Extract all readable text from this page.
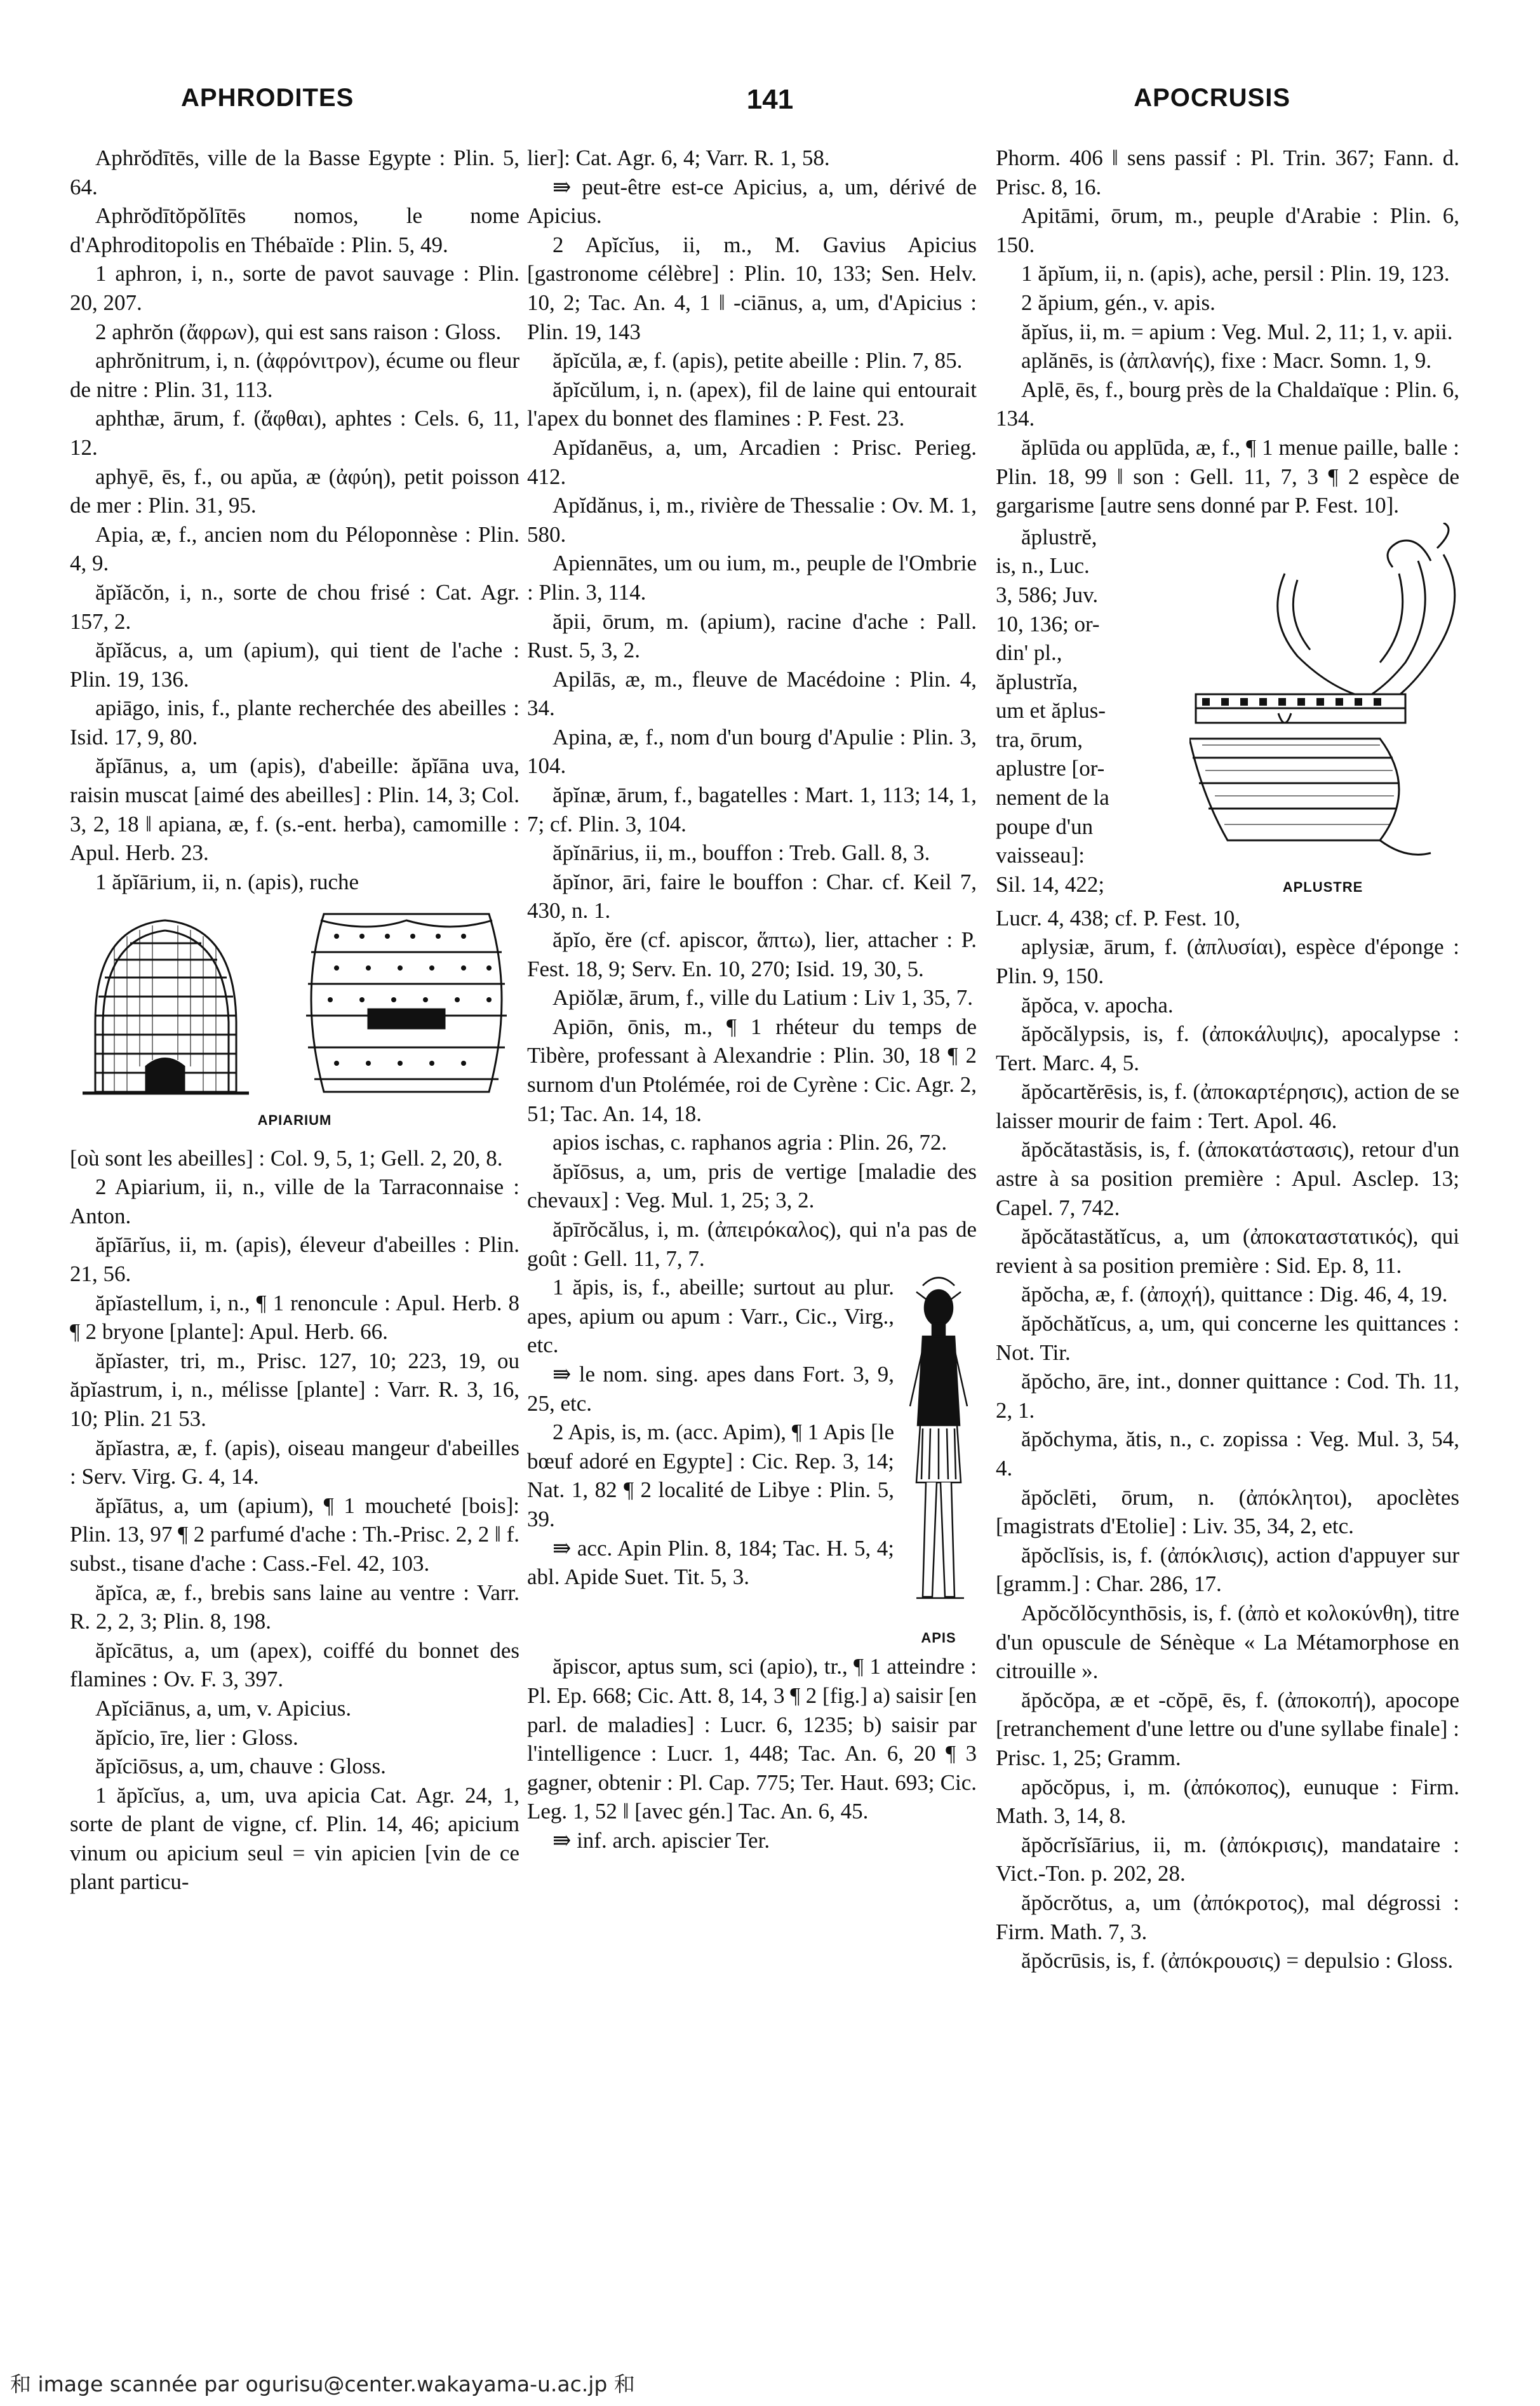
APHRODITES	141	APOCRUSIS

Aphrŏdītēs, ville de la Basse Egypte : Plin. 5, 64.

Aphrŏdītŏpŏlītēs nomos, le nome d'Aphroditopolis en Thébaïde : Plin. 5, 49.

1 aphron, i, n., sorte de pavot sauvage : Plin. 20, 207.

2 aphrŏn (ἄφρων), qui est sans raison : Gloss.

aphrŏnitrum, i, n. (ἀφρόνιτρον), écume ou fleur de nitre : Plin. 31, 113.

aphthæ, ārum, f. (ἄφθαι), aphtes : Cels. 6, 11, 12.

aphyē, ēs, f., ou apŭa, æ (ἀφύη), petit poisson de mer : Plin. 31, 95.

Apia, æ, f., ancien nom du Péloponnèse : Plin. 4, 9.

ăpĭăcŏn, i, n., sorte de chou frisé : Cat. Agr. 157, 2.

ăpĭăcus, a, um (apium), qui tient de l'ache : Plin. 19, 136.

apiāgo, inis, f., plante recherchée des abeilles : Isid. 17, 9, 80.

ăpĭānus, a, um (apis), d'abeille: ăpĭāna uva, raisin muscat [aimé des abeilles] : Plin. 14, 3; Col. 3, 2, 18 ‖ apiana, æ, f. (s.-ent. herba), camomille : Apul. Herb. 23.

1 ăpĭārium, ii, n. (apis), ruche

APIARIUM

[où sont les abeilles] : Col. 9, 5, 1; Gell. 2, 20, 8.

2 Apiarium, ii, n., ville de la Tarraconnaise : Anton.

ăpĭārĭus, ii, m. (apis), éleveur d'abeilles : Plin. 21, 56.

ăpĭastellum, i, n., ¶ 1 renoncule : Apul. Herb. 8 ¶ 2 bryone [plante]: Apul. Herb. 66.

ăpĭaster, tri, m., Prisc. 127, 10; 223, 19, ou ăpĭastrum, i, n., mélisse [plante] : Varr. R. 3, 16, 10; Plin. 21 53.

ăpĭastra, æ, f. (apis), oiseau mangeur d'abeilles : Serv. Virg. G. 4, 14.

ăpĭātus, a, um (apium), ¶ 1 moucheté [bois]: Plin. 13, 97 ¶ 2 parfumé d'ache : Th.-Prisc. 2, 2 ‖ f. subst., tisane d'ache : Cass.-Fel. 42, 103.

ăpĭca, æ, f., brebis sans laine au ventre : Varr. R. 2, 2, 3; Plin. 8, 198.

ăpĭcātus, a, um (apex), coiffé du bonnet des flamines : Ov. F. 3, 397.

Apĭciānus, a, um, v. Apicius.

ăpĭcio, īre, lier : Gloss.

ăpĭciōsus, a, um, chauve : Gloss.

1 ăpĭcĭus, a, um, uva apicia Cat. Agr. 24, 1, sorte de plant de vigne, cf. Plin. 14, 46; apicium vinum ou apicium seul = vin apicien [vin de ce plant particu-

lier]: Cat. Agr. 6, 4; Varr. R. 1, 58.

⇛ peut-être est-ce Apicius, a, um, dérivé de Apicius.

2 Apĭcĭus, ii, m., M. Gavius Apicius [gastronome célèbre] : Plin. 10, 133; Sen. Helv. 10, 2; Tac. An. 4, 1 ‖ -ciānus, a, um, d'Apicius : Plin. 19, 143

ăpĭcŭla, æ, f. (apis), petite abeille : Plin. 7, 85.

ăpĭcŭlum, i, n. (apex), fil de laine qui entourait l'apex du bonnet des flamines : P. Fest. 23.

Apĭdanēus, a, um, Arcadien : Prisc. Perieg. 412.

Apĭdănus, i, m., rivière de Thessalie : Ov. M. 1, 580.

Apiennātes, um ou ium, m., peuple de l'Ombrie : Plin. 3, 114.

ăpii, ōrum, m. (apium), racine d'ache : Pall. Rust. 5, 3, 2.

Apilās, æ, m., fleuve de Macédoine : Plin. 4, 34.

Apina, æ, f., nom d'un bourg d'Apulie : Plin. 3, 104.

ăpĭnæ, ārum, f., bagatelles : Mart. 1, 113; 14, 1, 7; cf. Plin. 3, 104.

ăpĭnārius, ii, m., bouffon : Treb. Gall. 8, 3.

ăpĭnor, āri, faire le bouffon : Char. cf. Keil 7, 430, n. 1.

ăpĭo, ĕre (cf. apiscor, ἅπτω), lier, attacher : P. Fest. 18, 9; Serv. En. 10, 270; Isid. 19, 30, 5.

Apiŏlæ, ārum, f., ville du Latium : Liv 1, 35, 7.

Apiōn, ōnis, m., ¶ 1 rhéteur du temps de Tibère, professant à Alexandrie : Plin. 30, 18 ¶ 2 surnom d'un Ptolémée, roi de Cyrène : Cic. Agr. 2, 51; Tac. An. 14, 18.

apios ischas, c. raphanos agria : Plin. 26, 72.

ăpĭōsus, a, um, pris de vertige [maladie des chevaux] : Veg. Mul. 1, 25; 3, 2.

ăpīrŏcălus, i, m. (ἀπειρόκαλος), qui n'a pas de goût : Gell. 11, 7, 7.

APIS

1 ăpis, is, f., abeille; surtout au plur. apes, apium ou apum : Varr., Cic., Virg., etc.

⇛ le nom. sing. apes dans Fort. 3, 9, 25, etc.

2 Apis, is, m. (acc. Apim), ¶ 1 Apis [le bœuf adoré en Egypte] : Cic. Rep. 3, 14; Nat. 1, 82 ¶ 2 localité de Libye : Plin. 5, 39.

⇛ acc. Apin Plin. 8, 184; Tac. H. 5, 4; abl. Apide Suet. Tit. 5, 3.

ăpiscor, aptus sum, sci (apio), tr., ¶ 1 atteindre : Pl. Ep. 668; Cic. Att. 8, 14, 3 ¶ 2 [fig.] a) saisir [en parl. de maladies] : Lucr. 6, 1235; b) saisir par l'intelligence : Lucr. 1, 448; Tac. An. 6, 20 ¶ 3 gagner, obtenir : Pl. Cap. 775; Ter. Haut. 693; Cic. Leg. 1, 52 ‖ [avec gén.] Tac. An. 6, 45.

⇛ inf. arch. apiscier Ter.

Phorm. 406 ‖ sens passif : Pl. Trin. 367; Fann. d. Prisc. 8, 16.

Apitāmi, ōrum, m., peuple d'Arabie : Plin. 6, 150.

1 ăpĭum, ii, n. (apis), ache, persil : Plin. 19, 123.

2 ăpium, gén., v. apis.

ăpĭus, ii, m. = apium : Veg. Mul. 2, 11; 1, v. apii.

aplănēs, is (ἀπλανής), fixe : Macr. Somn. 1, 9.

Aplē, ēs, f., bourg près de la Chaldaïque : Plin. 6, 134.

ăplūda ou applūda, æ, f., ¶ 1 menue paille, balle : Plin. 18, 99 ‖ son : Gell. 11, 7, 3 ¶ 2 espèce de gargarisme [autre sens donné par P. Fest. 10].

ăplustrĕ,
is, n., Luc.
3, 586; Juv.
10, 136; or-
din' pl.,
ăplustrĭa,
um et ăplus-
tra, ōrum,
aplustre [or-
nement de la
poupe d'un
vaisseau]:
Sil. 14, 422;	APLUSTRE

Lucr. 4, 438; cf. P. Fest. 10,

aplysiæ, ārum, f. (ἀπλυσίαι), espèce d'éponge : Plin. 9, 150.

ăpŏca, v. apocha.

ăpŏcălypsis, is, f. (ἀποκάλυψις), apocalypse : Tert. Marc. 4, 5.

ăpŏcartĕrēsis, is, f. (ἀποκαρτέρησις), action de se laisser mourir de faim : Tert. Apol. 46.

ăpŏcătastăsis, is, f. (ἀποκατάστασις), retour d'un astre à sa position première : Apul. Asclep. 13; Capel. 7, 742.

ăpŏcătastătĭcus, a, um (ἀποκαταστατικός), qui revient à sa position première : Sid. Ep. 8, 11.

ăpŏcha, æ, f. (ἀποχή), quittance : Dig. 46, 4, 19.

ăpŏchătĭcus, a, um, qui concerne les quittances : Not. Tir.

ăpŏcho, āre, int., donner quittance : Cod. Th. 11, 2, 1.

ăpŏchyma, ătis, n., c. zopissa : Veg. Mul. 3, 54, 4.

ăpŏclēti, ōrum, n. (ἀπόκλητοι), apoclètes [magistrats d'Etolie] : Liv. 35, 34, 2, etc.

ăpŏclĭsis, is, f. (ἀπόκλισις), action d'appuyer sur [gramm.] : Char. 286, 17.

Apŏcŏlŏcynthōsis, is, f. (ἀπὸ et κολοκύνθη), titre d'un opuscule de Sénèque « La Métamorphose en citrouille ».

ăpŏcŏpa, æ et -cŏpē, ēs, f. (ἀποκοπή), apocope [retranchement d'une lettre ou d'une syllabe finale] : Prisc. 1, 25; Gramm.

apŏcŏpus, i, m. (ἀπόκοπος), eunuque : Firm. Math. 3, 14, 8.

ăpŏcrĭsĭārius, ii, m. (ἀπόκρισις), mandataire : Vict.-Ton. p. 202, 28.

ăpŏcrŏtus, a, um (ἀπόκροτος), mal dégrossi : Firm. Math. 7, 3.

ăpŏcrūsis, is, f. (ἀπόκρουσις) = depulsio : Gloss.

和 image scannée par ogurisu@center.wakayama-u.ac.jp 和
